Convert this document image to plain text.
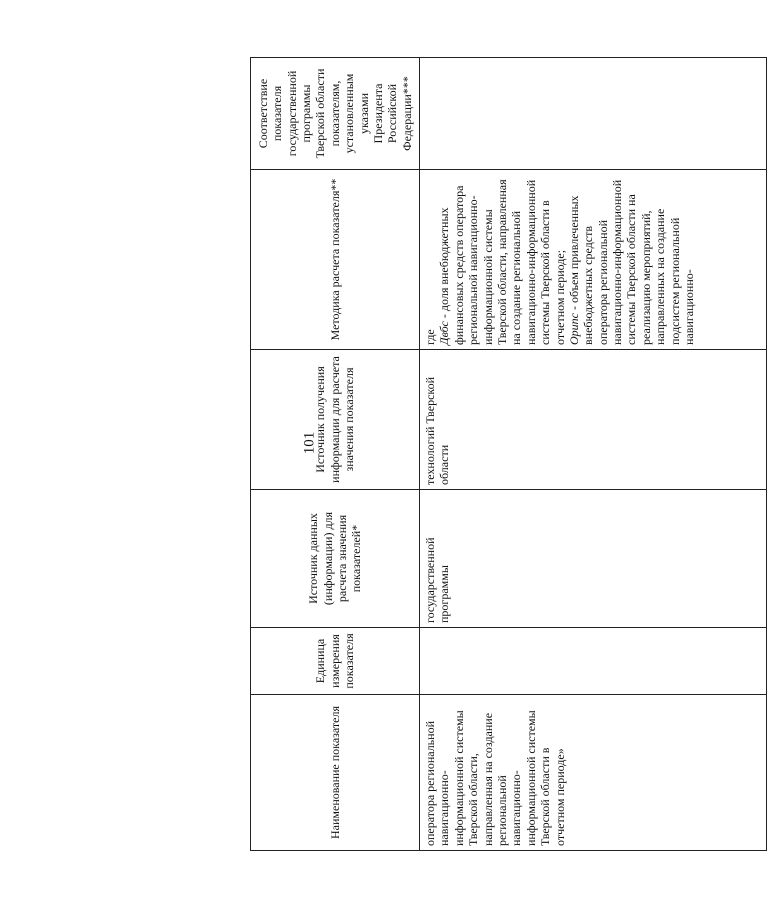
101
Наименование показателя	Единица измерения показателя	Источник данных (информации) для расчета значения показателей*	Источник получения информации для расчета значения показателя	Методика расчета показателя**	Соответствие показателя государственной программы Тверской области показателям, установленным указами Президента Российской Федерации***
оператора региональной навигационно-информационной системы Тверской области, направленная на создание региональной навигационно-информационной системы Тверской области в отчетном периоде»		государственной программы	технологий Тверской области	где
Двбс - доля внебюджетных финансовых средств оператора региональной навигационно-информационной системы Тверской области, направленная на создание региональной навигационно-информационной системы Тверской области в отчетном периоде;
Ориnс - объем привлеченных внебюджетных средств оператора региональной навигационно-информационной системы Тверской области на реализацию мероприятий, направленных на создание подсистем региональной навигационно-	
